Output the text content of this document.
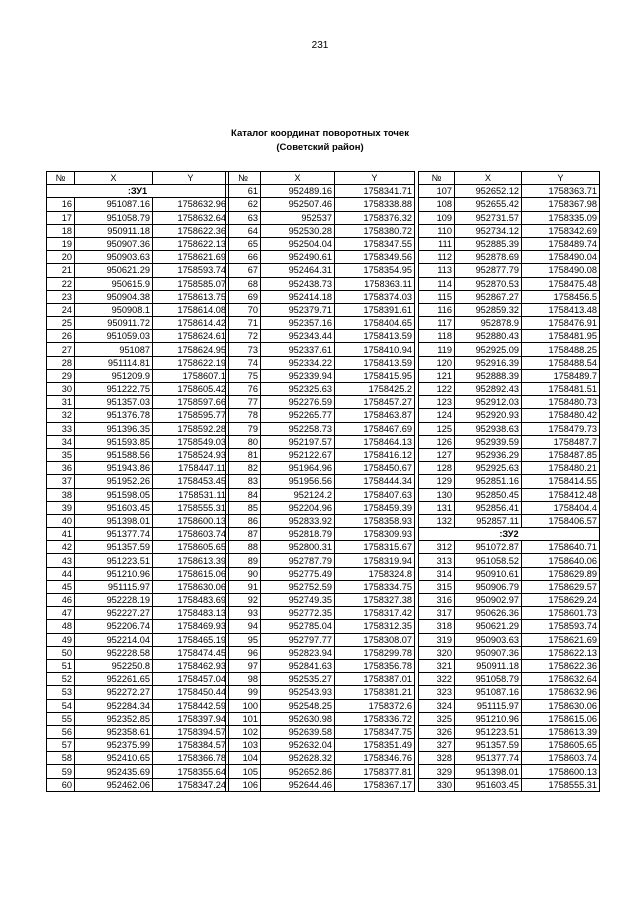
231
Каталог координат поворотных точек
(Советский район)
№	X	Y
:ЗУ1		
16	951087.16	1758632.96
17	951058.79	1758632.64
18	950911.18	1758622.36
19	950907.36	1758622.13
20	950903.63	1758621.69
21	950621.29	1758593.74
22	950615.9	1758585.07
23	950904.38	1758613.75
24	950908.1	1758614.08
25	950911.72	1758614.42
26	951059.03	1758624.61
27	951087	1758624.95
28	951114.81	1758622.19
29	951209.9	1758607.1
30	951222.75	1758605.42
31	951357.03	1758597.66
32	951376.78	1758595.77
33	951396.35	1758592.28
34	951593.85	1758549.03
35	951588.56	1758524.93
36	951943.86	1758447.11
37	951952.26	1758453.45
38	951598.05	1758531.11
39	951603.45	1758555.31
40	951398.01	1758600.13
41	951377.74	1758603.74
42	951357.59	1758605.65
43	951223.51	1758613.39
44	951210.96	1758615.06
45	951115.97	1758630.06
46	952228.19	1758483.69
47	952227.27	1758483.13
48	952206.74	1758469.93
49	952214.04	1758465.19
50	952228.58	1758474.45
51	952250.8	1758462.93
52	952261.65	1758457.04
53	952272.27	1758450.44
54	952284.34	1758442.59
55	952352.85	1758397.94
56	952358.61	1758394.57
57	952375.99	1758384.57
58	952410.65	1758366.78
59	952435.69	1758355.64
60	952462.06	1758347.24
№	X	Y
61	952489.16	1758341.71
62	952507.46	1758338.88
63	952537	1758376.32
64	952530.28	1758380.72
65	952504.04	1758347.55
66	952490.61	1758349.56
67	952464.31	1758354.95
68	952438.73	1758363.11
69	952414.18	1758374.03
70	952379.71	1758391.61
71	952357.16	1758404.65
72	952343.44	1758413.59
73	952337.61	1758410.94
74	952334.22	1758413.59
75	952339.94	1758415.95
76	952325.63	1758425.2
77	952276.59	1758457.27
78	952265.77	1758463.87
79	952258.73	1758467.69
80	952197.57	1758464.13
81	952122.67	1758416.12
82	951964.96	1758450.67
83	951956.56	1758444.34
84	952124.2	1758407.63
85	952204.96	1758459.39
86	952833.92	1758358.93
87	952818.79	1758309.93
88	952800.31	1758315.67
89	952787.79	1758319.94
90	952775.49	1758324.8
91	952752.59	1758334.75
92	952749.35	1758327.38
93	952772.35	1758317.42
94	952785.04	1758312.35
95	952797.77	1758308.07
96	952823.94	1758299.78
97	952841.63	1758356.78
98	952535.27	1758387.01
99	952543.93	1758381.21
100	952548.25	1758372.6
101	952630.98	1758336.72
102	952639.58	1758347.75
103	952632.04	1758351.49
104	952628.32	1758346.76
105	952652.86	1758377.81
106	952644.46	1758367.17
№	X	Y
107	952652.12	1758363.71
108	952655.42	1758367.98
109	952731.57	1758335.09
110	952734.12	1758342.69
111	952885.39	1758489.74
112	952878.69	1758490.04
113	952877.79	1758490.08
114	952870.53	1758475.48
115	952867.27	1758456.5
116	952859.32	1758413.48
117	952878.9	1758476.91
118	952880.43	1758481.95
119	952925.09	1758488.25
120	952916.39	1758488.54
121	952888.39	1758489.7
122	952892.43	1758481.51
123	952912.03	1758480.73
124	952920.93	1758480.42
125	952938.63	1758479.73
126	952939.59	1758487.7
127	952936.29	1758487.85
128	952925.63	1758480.21
129	952851.16	1758414.55
130	952850.45	1758412.48
131	952856.41	1758404.4
132	952857.11	1758406.57
:ЗУ2		
312	951072.87	1758640.71
313	951058.52	1758640.06
314	950910.61	1758629.89
315	950906.79	1758629.57
316	950902.97	1758629.24
317	950626.36	1758601.73
318	950621.29	1758593.74
319	950903.63	1758621.69
320	950907.36	1758622.13
321	950911.18	1758622.36
322	951058.79	1758632.64
323	951087.16	1758632.96
324	951115.97	1758630.06
325	951210.96	1758615.06
326	951223.51	1758613.39
327	951357.59	1758605.65
328	951377.74	1758603.74
329	951398.01	1758600.13
330	951603.45	1758555.31
